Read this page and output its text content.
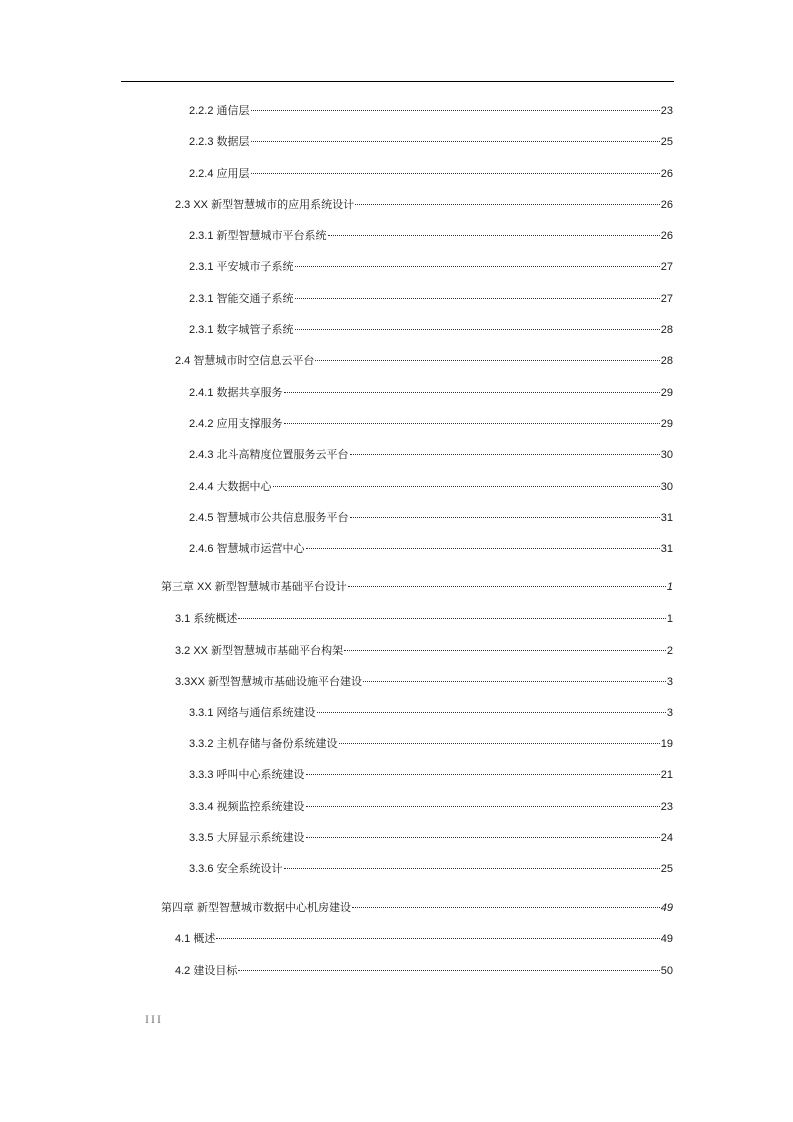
2.2.2 通信层	23
2.2.3 数据层	25
2.2.4 应用层	26
2.3 XX 新型智慧城市的应用系统设计	26
2.3.1 新型智慧城市平台系统	26
2.3.1 平安城市子系统	27
2.3.1 智能交通子系统	27
2.3.1 数字城管子系统	28
2.4 智慧城市时空信息云平台	28
2.4.1 数据共享服务	29
2.4.2 应用支撑服务	29
2.4.3 北斗高精度位置服务云平台	30
2.4.4 大数据中心	30
2.4.5 智慧城市公共信息服务平台	31
2.4.6 智慧城市运营中心	31
第三章 XX 新型智慧城市基础平台设计	1
3.1 系统概述	1
3.2 XX 新型智慧城市基础平台构架	2
3.3XX 新型智慧城市基础设施平台建设	3
3.3.1 网络与通信系统建设	3
3.3.2 主机存储与备份系统建设	19
3.3.3 呼叫中心系统建设	21
3.3.4 视频监控系统建设	23
3.3.5 大屏显示系统建设	24
3.3.6 安全系统设计	25
第四章 新型智慧城市数据中心机房建设	49
4.1 概述	49
4.2 建设目标	50
III
